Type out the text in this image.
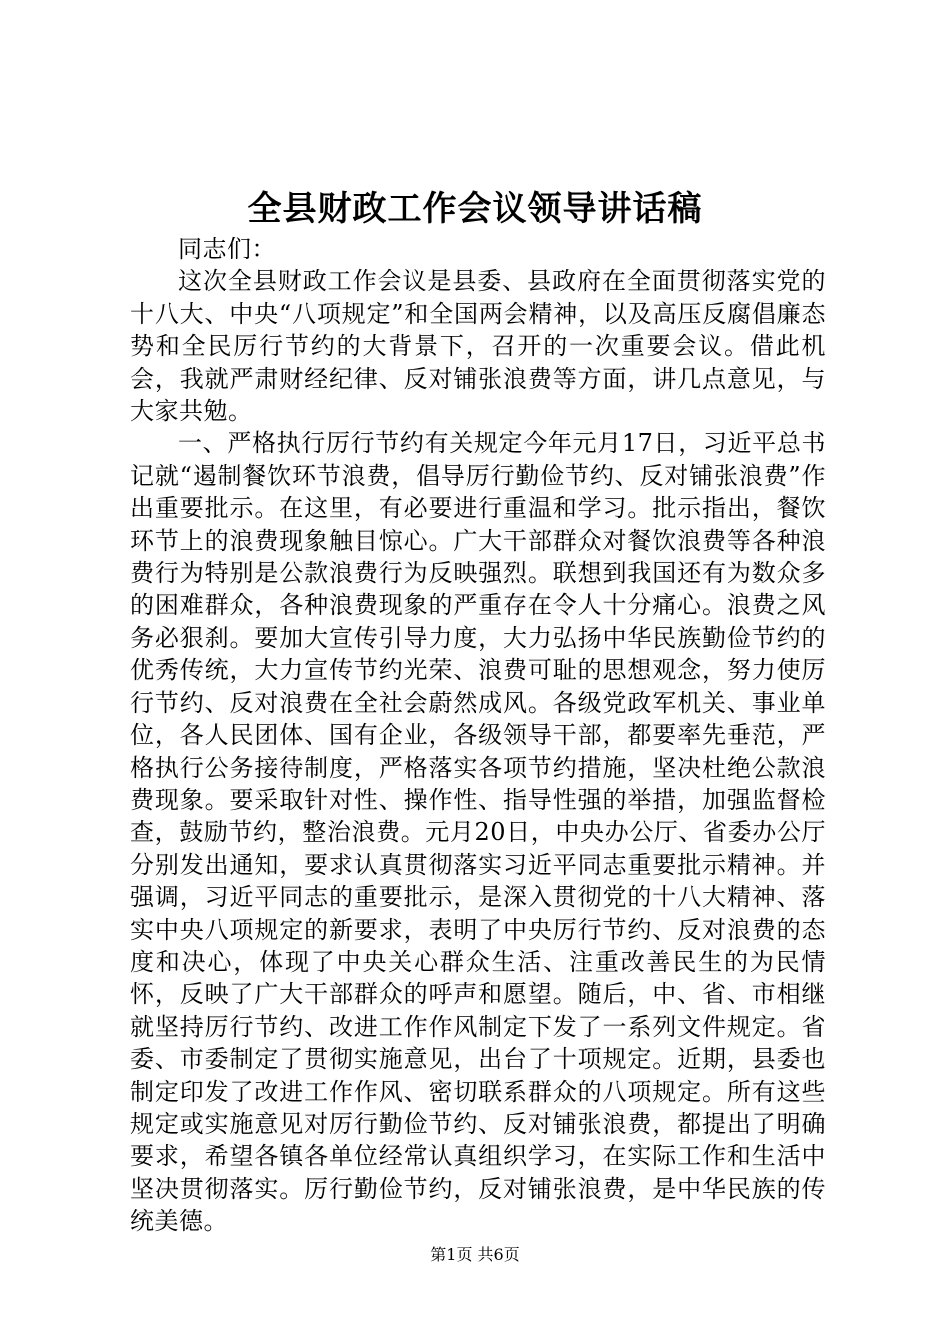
全县财政工作会议领导讲话稿

同志们：

这次全县财政工作会议是县委、县政府在全面贯彻落实党的十八大、中央“八项规定”和全国两会精神，以及高压反腐倡廉态势和全民厉行节约的大背景下，召开的一次重要会议。借此机会，我就严肃财经纪律、反对铺张浪费等方面，讲几点意见，与大家共勉。

一、严格执行厉行节约有关规定今年元月17日，习近平总书记就“遏制餐饮环节浪费，倡导厉行勤俭节约、反对铺张浪费”作出重要批示。在这里，有必要进行重温和学习。批示指出，餐饮环节上的浪费现象触目惊心。广大干部群众对餐饮浪费等各种浪费行为特别是公款浪费行为反映强烈。联想到我国还有为数众多的困难群众，各种浪费现象的严重存在令人十分痛心。浪费之风务必狠刹。要加大宣传引导力度，大力弘扬中华民族勤俭节约的优秀传统，大力宣传节约光荣、浪费可耻的思想观念，努力使厉行节约、反对浪费在全社会蔚然成风。各级党政军机关、事业单位，各人民团体、国有企业，各级领导干部，都要率先垂范，严格执行公务接待制度，严格落实各项节约措施，坚决杜绝公款浪费现象。要采取针对性、操作性、指导性强的举措，加强监督检查，鼓励节约，整治浪费。元月20日，中央办公厅、省委办公厅分别发出通知，要求认真贯彻落实习近平同志重要批示精神。并强调，习近平同志的重要批示，是深入贯彻党的十八大精神、落实中央八项规定的新要求，表明了中央厉行节约、反对浪费的态度和决心，体现了中央关心群众生活、注重改善民生的为民情怀，反映了广大干部群众的呼声和愿望。随后，中、省、市相继就坚持厉行节约、改进工作作风制定下发了一系列文件规定。省委、市委制定了贯彻实施意见，出台了十项规定。近期，县委也制定印发了改进工作作风、密切联系群众的八项规定。所有这些规定或实施意见对厉行勤俭节约、反对铺张浪费，都提出了明确要求，希望各镇各单位经常认真组织学习，在实际工作和生活中坚决贯彻落实。厉行勤俭节约，反对铺张浪费，是中华民族的传统美德。

第1页 共6页
